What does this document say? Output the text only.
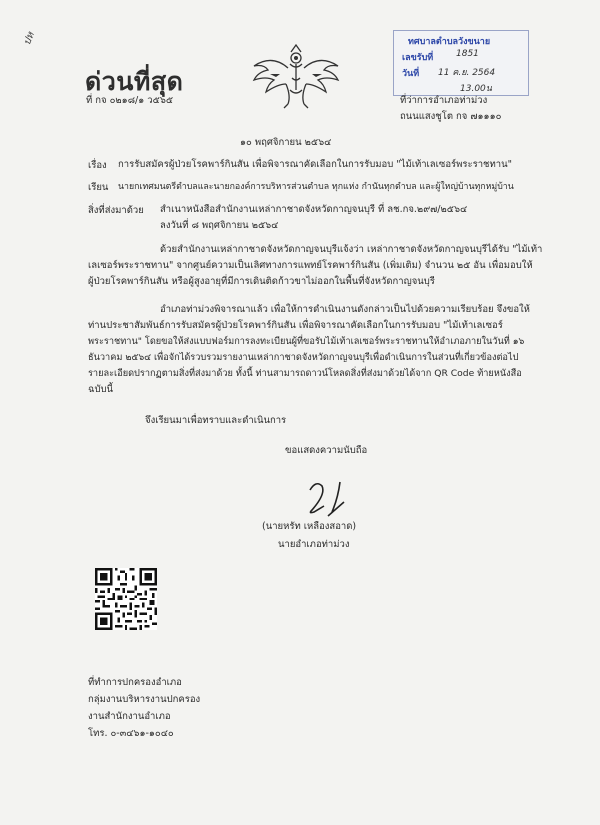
ปห
ด่วนที่สุด
ที่ กจ ๐๒๑๘/๑ ว๕๖๕
ทศบาลตำบลวังขนาย
เลขรับที่	1851
วันที่ 11 ค.ย. 2564
13.00น
ที่ว่าการอำเภอท่าม่วง
ถนนแสงชูโต กจ ๗๑๑๑๐
๑๐ พฤศจิกายน ๒๕๖๔
เรื่อง การรับสมัครผู้ป่วยโรคพาร์กินสัน เพื่อพิจารณาคัดเลือกในการรับมอบ "ไม้เท้าเลเซอร์พระราชทาน"
เรียน นายกเทศมนตรีตำบลและนายกองค์การบริหารส่วนตำบล ทุกแห่ง กำนันทุกตำบล และผู้ใหญ่บ้านทุกหมู่บ้าน
สิ่งที่ส่งมาด้วย สำเนาหนังสือสำนักงานเหล่ากาชาดจังหวัดกาญจนบุรี ที่ ลช.กจ.๒๙๗/๒๕๖๔
ลงวันที่ ๘ พฤศจิกายน ๒๕๖๔
ด้วยสำนักงานเหล่ากาชาดจังหวัดกาญจนบุรีแจ้งว่า เหล่ากาชาดจังหวัดกาญจนบุรีได้รับ "ไม้เท้า
เลเซอร์พระราชทาน" จากศูนย์ความเป็นเลิศทางการแพทย์โรคพาร์กินสัน (เพิ่มเติม) จำนวน ๒๕ อัน เพื่อมอบให้
ผู้ป่วยโรคพาร์กินสัน หรือผู้สูงอายุที่มีการเดินติดก้าวขาไม่ออกในพื้นที่จังหวัดกาญจนบุรี
อำเภอท่าม่วงพิจารณาแล้ว เพื่อให้การดำเนินงานดังกล่าวเป็นไปด้วยความเรียบร้อย จึงขอให้
ท่านประชาสัมพันธ์การรับสมัครผู้ป่วยโรคพาร์กินสัน เพื่อพิจารณาคัดเลือกในการรับมอบ "ไม้เท้าเลเซอร์
พระราชทาน" โดยขอให้ส่งแบบฟอร์มการลงทะเบียนผู้ที่ขอรับไม้เท้าเลเซอร์พระราชทานให้อำเภอภายในวันที่ ๑๖
ธันวาคม ๒๕๖๔ เพื่อจักได้รวบรวมรายงานเหล่ากาชาดจังหวัดกาญจนบุรีเพื่อดำเนินการในส่วนที่เกี่ยวข้องต่อไป
รายละเอียดปรากฏตามสิ่งที่ส่งมาด้วย ทั้งนี้ ท่านสามารถดาวน์โหลดสิ่งที่ส่งมาด้วยได้จาก QR Code ท้ายหนังสือ
ฉบับนี้
จึงเรียนมาเพื่อทราบและดำเนินการ
ขอแสดงความนับถือ
(นายหรัท เหลืองสอาด)
นายอำเภอท่าม่วง
ที่ทำการปกครองอำเภอ
กลุ่มงานบริหารงานปกครอง
งานสำนักงานอำเภอ
โทร. ๐-๓๔๖๑-๑๐๔๐
